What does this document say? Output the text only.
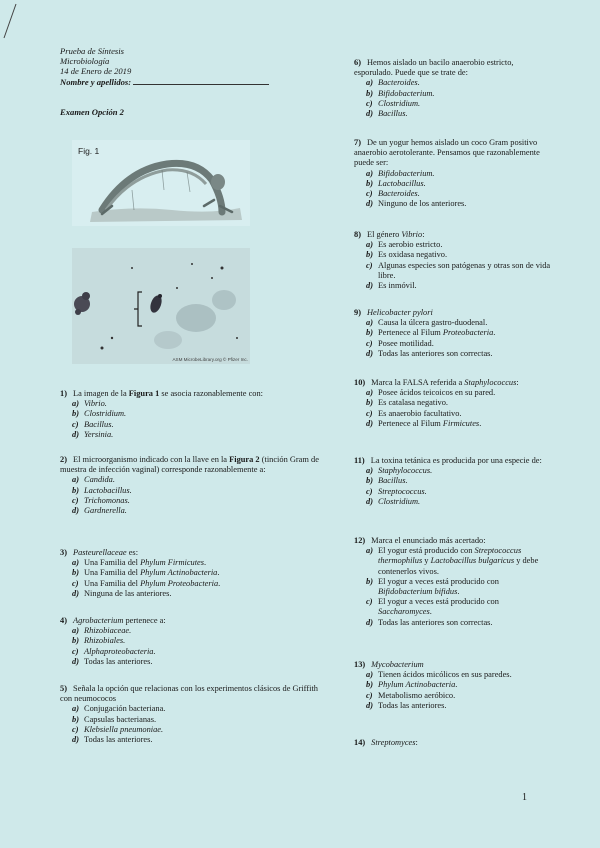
Prueba de Síntesis
Microbiología
14 de Enero de 2019
Nombre y apellidos:
Examen Opción 2
Fig. 1
ASM MicrobeLibrary.org © Pfizer Inc.
1) La imagen de la Figura 1 se asocia razonablemente con:
a) Vibrio.
b) Clostridium.
c) Bacillus.
d) Yersinia.
2) El microorganismo indicado con la llave en la Figura 2 (tinción Gram de muestra de infección vaginal) corresponde razonablemente a:
a) Candida.
b) Lactobacillus.
c) Trichomonas.
d) Gardnerella.
3) Pasteurellaceae es:
a) Una Familia del Phylum Firmicutes.
b) Una Familia del Phylum Actinobacteria.
c) Una Familia del Phylum Proteobacteria.
d) Ninguna de las anteriores.
4) Agrobacterium pertenece a:
a) Rhizobiaceae.
b) Rhizobiales.
c) Alphaproteobacteria.
d) Todas las anteriores.
5) Señala la opción que relacionas con los experimentos clásicos de Griffith con neumococos
a) Conjugación bacteriana.
b) Capsulas bacterianas.
c) Klebsiella pneumoniae.
d) Todas las anteriores.
6) Hemos aislado un bacilo anaerobio estricto, esporulado. Puede que se trate de:
a) Bacteroides.
b) Bifidobacterium.
c) Clostridium.
d) Bacillus.
7) De un yogur hemos aislado un coco Gram positivo anaerobio aerotolerante. Pensamos que razonablemente puede ser:
a) Bifidobacterium.
b) Lactobacillus.
c) Bacteroides.
d) Ninguno de los anteriores.
8) El género Vibrio:
a) Es aerobio estricto.
b) Es oxidasa negativo.
c) Algunas especies son patógenas y otras son de vida libre.
d) Es inmóvil.
9) Helicobacter pylori
a) Causa la úlcera gastro-duodenal.
b) Pertenece al Filum Proteobacteria.
c) Posee motilidad.
d) Todas las anteriores son correctas.
10) Marca la FALSA referida a Staphylococcus:
a) Posee ácidos teicoicos en su pared.
b) Es catalasa negativo.
c) Es anaerobio facultativo.
d) Pertenece al Filum Firmicutes.
11) La toxina tetánica es producida por una especie de:
a) Staphylococcus.
b) Bacillus.
c) Streptococcus.
d) Clostridium.
12) Marca el enunciado más acertado:
a) El yogur está producido con Streptococcus thermophilus y Lactobacillus bulgaricus y debe contenerlos vivos.
b) El yogur a veces está producido con Bifidobacterium bifidus.
c) El yogur a veces está producido con Saccharomyces.
d) Todas las anteriores son correctas.
13) Mycobacterium
a) Tienen ácidos micólicos en sus paredes.
b) Phylum Actinobacteria.
c) Metabolismo aeróbico.
d) Todas las anteriores.
14) Streptomyces:
1
